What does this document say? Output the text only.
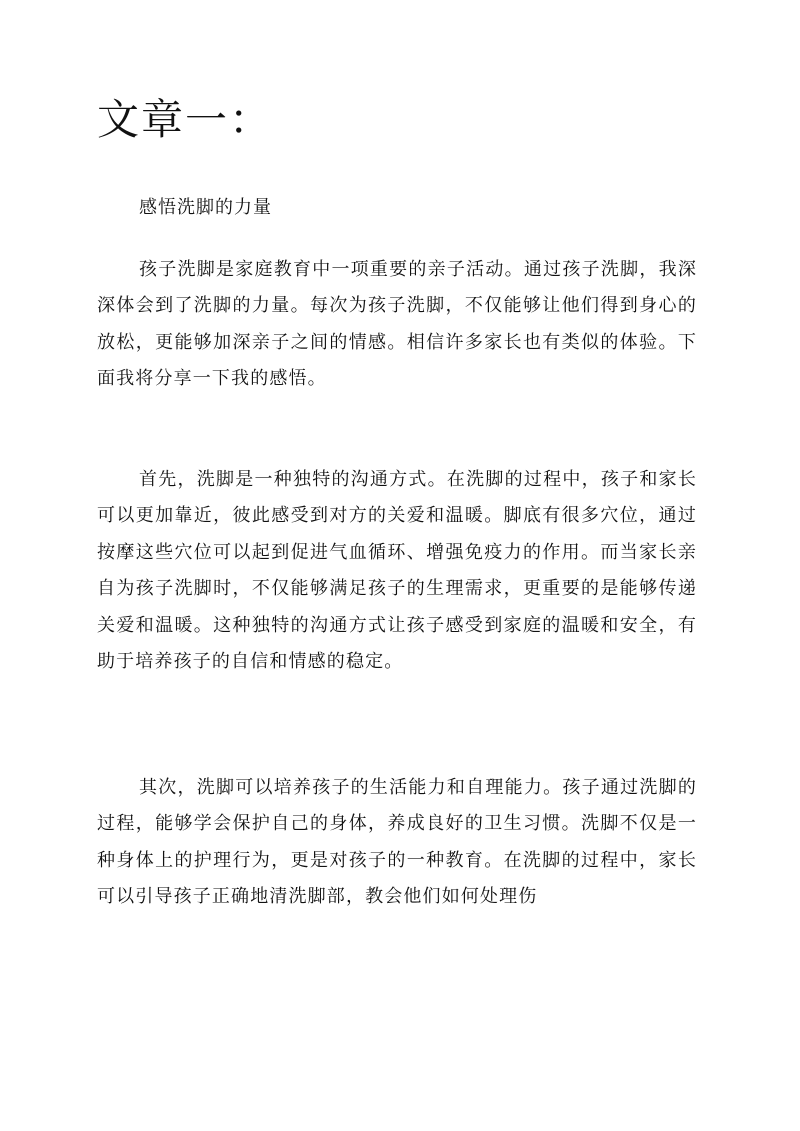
文章一：

感悟洗脚的力量

孩子洗脚是家庭教育中一项重要的亲子活动。通过孩子洗脚，我深深体会到了洗脚的力量。每次为孩子洗脚，不仅能够让他们得到身心的放松，更能够加深亲子之间的情感。相信许多家长也有类似的体验。下面我将分享一下我的感悟。

首先，洗脚是一种独特的沟通方式。在洗脚的过程中，孩子和家长可以更加靠近，彼此感受到对方的关爱和温暖。脚底有很多穴位，通过按摩这些穴位可以起到促进气血循环、增强免疫力的作用。而当家长亲自为孩子洗脚时，不仅能够满足孩子的生理需求，更重要的是能够传递关爱和温暖。这种独特的沟通方式让孩子感受到家庭的温暖和安全，有助于培养孩子的自信和情感的稳定。

其次，洗脚可以培养孩子的生活能力和自理能力。孩子通过洗脚的过程，能够学会保护自己的身体，养成良好的卫生习惯。洗脚不仅是一种身体上的护理行为，更是对孩子的一种教育。在洗脚的过程中，家长可以引导孩子正确地清洗脚部，教会他们如何处理伤
